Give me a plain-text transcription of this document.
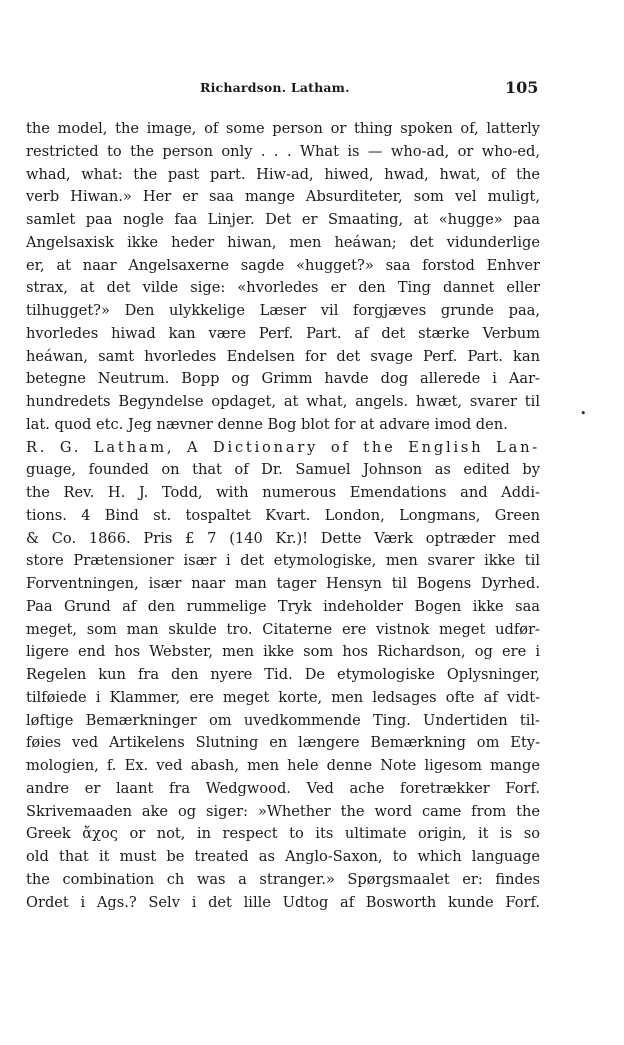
Richardson. Latham.	105
•
the model, the image, of some person or thing spoken of, latterly
restricted to the person only . . . What is — who-ad, or who-ed,
whad, what: the past part. Hiw-ad, hiwed, hwad, hwat, of the
verb Hiwan.» Her er saa mange Absurditeter, som vel muligt,
samlet paa nogle faa Linjer. Det er Smaating, at «hugge» paa
Angelsaxisk ikke heder hiwan, men heáwan; det vidunderlige
er, at naar Angelsaxerne sagde «hugget?» saa forstod Enhver
strax, at det vilde sige: «hvorledes er den Ting dannet eller
tilhugget?» Den ulykkelige Læser vil forgjæves grunde paa,
hvorledes hiwad kan være Perf. Part. af det stærke Verbum
heáwan, samt hvorledes Endelsen for det svage Perf. Part. kan
betegne Neutrum. Bopp og Grimm havde dog allerede i Aar-
hundredets Begyndelse opdaget, at what, angels. hwæt, svarer til
lat. quod etc. Jeg nævner denne Bog blot for at advare imod den.
R. G. Latham, A Dictionary of the English Lan-
guage, founded on that of Dr. Samuel Johnson as edited by
the Rev. H. J. Todd, with numerous Emendations and Addi-
tions. 4 Bind st. tospaltet Kvart. London, Longmans, Green
& Co. 1866. Pris £ 7 (140 Kr.)! Dette Værk optræder med
store Prætensioner især i det etymologiske, men svarer ikke til
Forventningen, især naar man tager Hensyn til Bogens Dyrhed.
Paa Grund af den rummelige Tryk indeholder Bogen ikke saa
meget, som man skulde tro. Citaterne ere vistnok meget udfør-
ligere end hos Webster, men ikke som hos Richardson, og ere i
Regelen kun fra den nyere Tid. De etymologiske Oplysninger,
tilføiede i Klammer, ere meget korte, men ledsages ofte af vidt-
løftige Bemærkninger om uvedkommende Ting. Undertiden til-
føies ved Artikelens Slutning en længere Bemærkning om Ety-
mologien, f. Ex. ved abash, men hele denne Note ligesom mange
andre er laant fra Wedgwood. Ved ache foretrækker Forf.
Skrivemaaden ake og siger: »Whether the word came from the
Greek ἄχος or not, in respect to its ultimate origin, it is so
old that it must be treated as Anglo-Saxon, to which language
the combination ch was a stranger.» Spørgsmaalet er: findes
Ordet i Ags.? Selv i det lille Udtog af Bosworth kunde Forf.
